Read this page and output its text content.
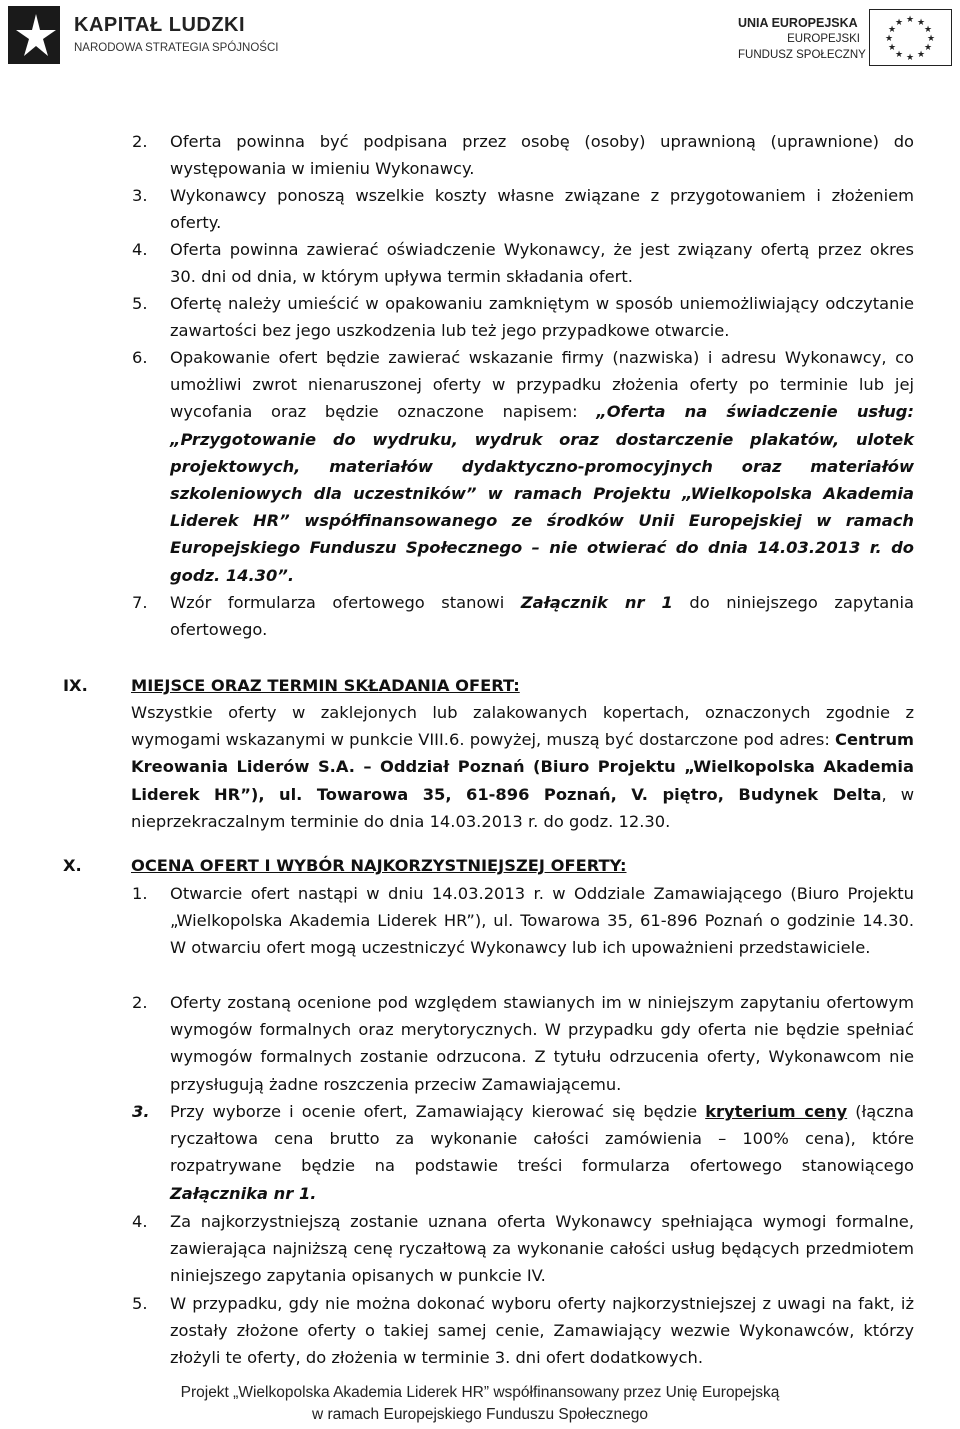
KAPITAŁ LUDZKI
NARODOWA STRATEGIA SPÓJNOŚCI
UNIA EUROPEJSKA
EUROPEJSKI
FUNDUSZ SPOŁECZNY
★ ★
★
★
★
★
★
★
★
★
★
★
2. Oferta powinna być podpisana przez osobę (osoby) uprawnioną (uprawnione) do występowania w imieniu Wykonawcy.
3. Wykonawcy ponoszą wszelkie koszty własne związane z przygotowaniem i złożeniem oferty.
4. Oferta powinna zawierać oświadczenie Wykonawcy, że jest związany ofertą przez okres 30. dni od dnia, w którym upływa termin składania ofert.
5. Ofertę należy umieścić w opakowaniu zamkniętym w sposób uniemożliwiający odczytanie zawartości bez jego uszkodzenia lub też jego przypadkowe otwarcie.
6. Opakowanie ofert będzie zawierać wskazanie firmy (nazwiska) i adresu Wykonawcy, co umożliwi zwrot nienaruszonej oferty w przypadku złożenia oferty po terminie lub jej wycofania oraz będzie oznaczone napisem: „Oferta na świadczenie usług: „Przygotowanie do wydruku, wydruk oraz dostarczenie plakatów, ulotek projektowych, materiałów dydaktyczno-promocyjnych oraz materiałów szkoleniowych dla uczestników” w ramach Projektu „Wielkopolska Akademia Liderek HR” współfinansowanego ze środków Unii Europejskiej w ramach Europejskiego Funduszu Społecznego – nie otwierać do dnia 14.03.2013 r. do godz. 14.30”.
7. Wzór formularza ofertowego stanowi Załącznik nr 1 do niniejszego zapytania ofertowego.
IX.	MIEJSCE ORAZ TERMIN SKŁADANIA OFERT:
Wszystkie oferty w zaklejonych lub zalakowanych kopertach, oznaczonych zgodnie z wymogami wskazanymi w punkcie VIII.6. powyżej, muszą być dostarczone pod adres: Centrum Kreowania Liderów S.A. – Oddział Poznań (Biuro Projektu „Wielkopolska Akademia Liderek HR”), ul. Towarowa 35, 61-896 Poznań, V. piętro, Budynek Delta, w nieprzekraczalnym terminie do dnia 14.03.2013 r. do godz. 12.30.
X.	OCENA OFERT I WYBÓR NAJKORZYSTNIEJSZEJ OFERTY:
1. Otwarcie ofert nastąpi w dniu 14.03.2013 r. w Oddziale Zamawiającego (Biuro Projektu „Wielkopolska Akademia Liderek HR”), ul. Towarowa 35, 61-896 Poznań o godzinie 14.30. W otwarciu ofert mogą uczestniczyć Wykonawcy lub ich upoważnieni przedstawiciele.
2. Oferty zostaną ocenione pod względem stawianych im w niniejszym zapytaniu ofertowym wymogów formalnych oraz merytorycznych. W przypadku gdy oferta nie będzie spełniać wymogów formalnych zostanie odrzucona. Z tytułu odrzucenia oferty, Wykonawcom nie przysługują żadne roszczenia przeciw Zamawiającemu.
3. Przy wyborze i ocenie ofert, Zamawiający kierować się będzie kryterium ceny (łączna ryczałtowa cena brutto za wykonanie całości zamówienia – 100% cena), które rozpatrywane będzie na podstawie treści formularza ofertowego stanowiącego Załącznika nr 1.
4. Za najkorzystniejszą zostanie uznana oferta Wykonawcy spełniająca wymogi formalne, zawierająca najniższą cenę ryczałtową za wykonanie całości usług będących przedmiotem niniejszego zapytania opisanych w punkcie IV.
5. W przypadku, gdy nie można dokonać wyboru oferty najkorzystniejszej z uwagi na fakt, iż zostały złożone oferty o takiej samej cenie, Zamawiający wezwie Wykonawców, którzy złożyli te oferty, do złożenia w terminie 3. dni ofert dodatkowych.
Projekt „Wielkopolska Akademia Liderek HR” współfinansowany przez Unię Europejską
w ramach Europejskiego Funduszu Społecznego
